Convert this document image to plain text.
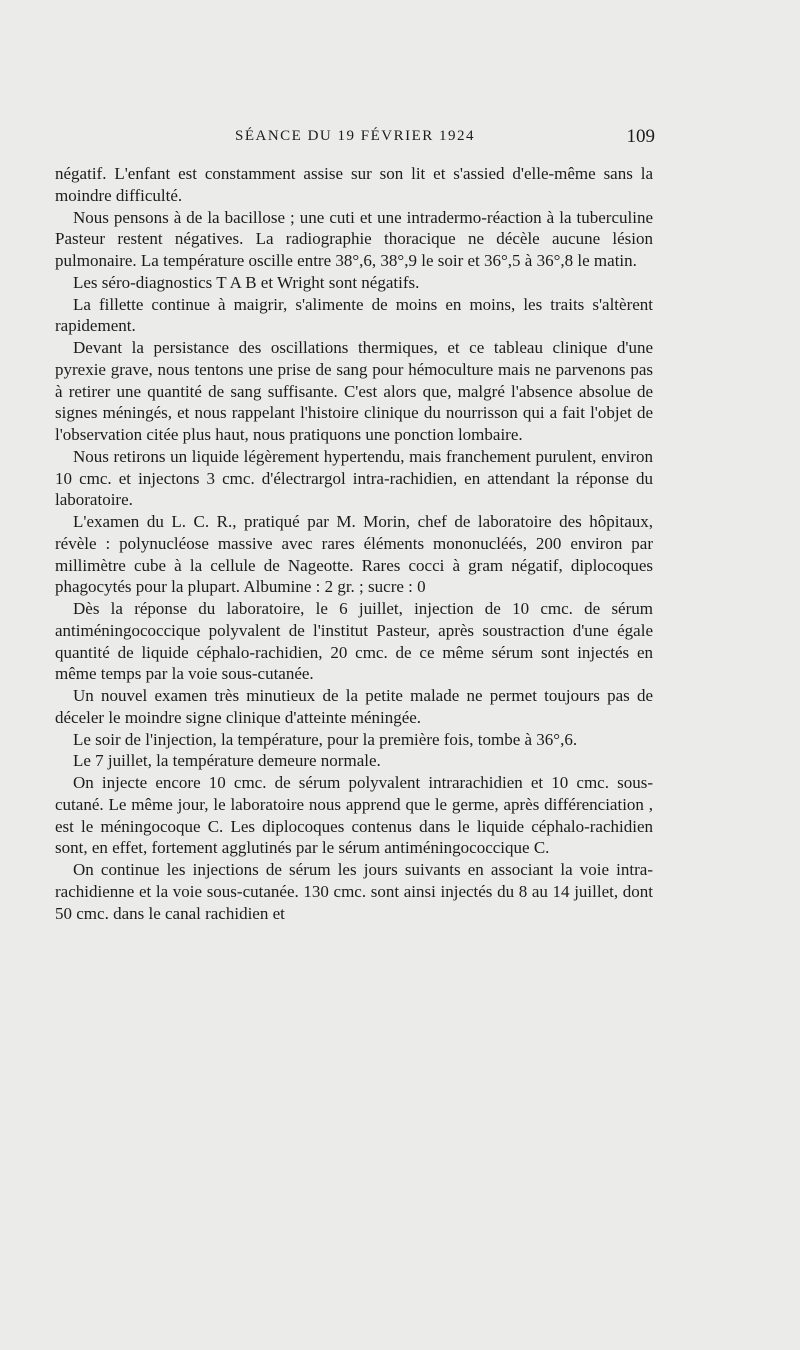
SÉANCE DU 19 FÉVRIER 1924	109

négatif. L'enfant est constamment assise sur son lit et s'assied d'elle-même sans la moindre difficulté.

Nous pensons à de la bacillose ; une cuti et une intradermo-réaction à la tuberculine Pasteur restent négatives. La radiographie thoracique ne décèle aucune lésion pulmonaire. La température oscille entre 38°,6, 38°,9 le soir et 36°,5 à 36°,8 le matin.

Les séro-diagnostics T A B et Wright sont négatifs.

La fillette continue à maigrir, s'alimente de moins en moins, les traits s'altèrent rapidement.

Devant la persistance des oscillations thermiques, et ce tableau clinique d'une pyrexie grave, nous tentons une prise de sang pour hémoculture mais ne parvenons pas à retirer une quantité de sang suffisante. C'est alors que, malgré l'absence absolue de signes méningés, et nous rappelant l'histoire clinique du nourrisson qui a fait l'objet de l'observation citée plus haut, nous pratiquons une ponction lombaire.

Nous retirons un liquide légèrement hypertendu, mais franchement purulent, environ 10 cmc. et injectons 3 cmc. d'électrargol intra-rachidien, en attendant la réponse du laboratoire.

L'examen du L. C. R., pratiqué par M. Morin, chef de laboratoire des hôpitaux, révèle : polynucléose massive avec rares éléments mononucléés, 200 environ par millimètre cube à la cellule de Nageotte. Rares cocci à gram négatif, diplocoques phagocytés pour la plupart. Albumine : 2 gr. ; sucre : 0

Dès la réponse du laboratoire, le 6 juillet, injection de 10 cmc. de sérum antiméningococcique polyvalent de l'institut Pasteur, après soustraction d'une égale quantité de liquide céphalo-rachidien, 20 cmc. de ce même sérum sont injectés en même temps par la voie sous-cutanée.

Un nouvel examen très minutieux de la petite malade ne permet toujours pas de déceler le moindre signe clinique d'atteinte méningée.

Le soir de l'injection, la température, pour la première fois, tombe à 36°,6.

Le 7 juillet, la température demeure normale.

On injecte encore 10 cmc. de sérum polyvalent intrarachidien et 10 cmc. sous-cutané. Le même jour, le laboratoire nous apprend que le germe, après différenciation , est le méningocoque C. Les diplocoques contenus dans le liquide céphalo-rachidien sont, en effet, fortement agglutinés par le sérum antiméningococcique C.

On continue les injections de sérum les jours suivants en associant la voie intra-rachidienne et la voie sous-cutanée. 130 cmc. sont ainsi injectés du 8 au 14 juillet, dont 50 cmc. dans le canal rachidien et
